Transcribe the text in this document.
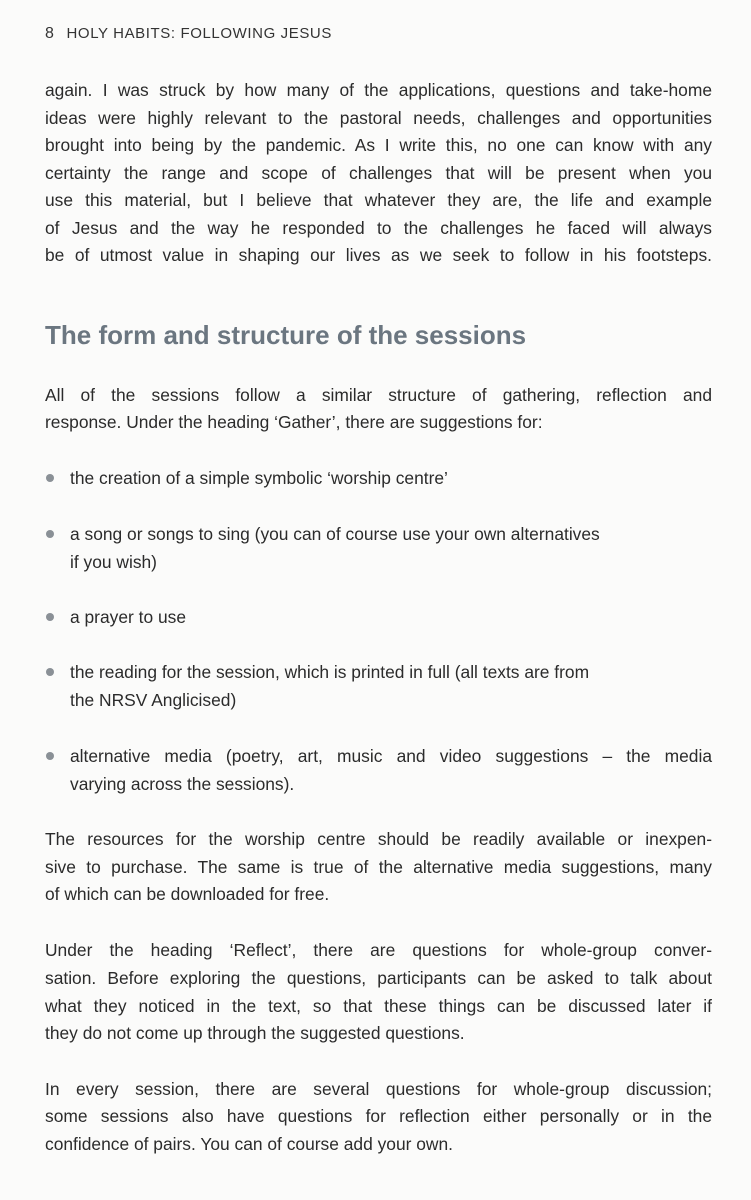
8 HOLY HABITS: FOLLOWING JESUS
again. I was struck by how many of the applications, questions and take-home
ideas were highly relevant to the pastoral needs, challenges and opportunities
brought into being by the pandemic. As I write this, no one can know with any
certainty the range and scope of challenges that will be present when you
use this material, but I believe that whatever they are, the life and example
of Jesus and the way he responded to the challenges he faced will always
be of utmost value in shaping our lives as we seek to follow in his footsteps.
The form and structure of the sessions
All of the sessions follow a similar structure of gathering, reflection and
response. Under the heading ‘Gather’, there are suggestions for:
the creation of a simple symbolic ‘worship centre’
a song or songs to sing (you can of course use your own alternatives
if you wish)
a prayer to use
the reading for the session, which is printed in full (all texts are from
the NRSV Anglicised)
alternative media (poetry, art, music and video suggestions – the media
varying across the sessions).
The resources for the worship centre should be readily available or inexpen-
sive to purchase. The same is true of the alternative media suggestions, many
of which can be downloaded for free.
Under the heading ‘Reflect’, there are questions for whole-group conver-
sation. Before exploring the questions, participants can be asked to talk about
what they noticed in the text, so that these things can be discussed later if
they do not come up through the suggested questions.
In every session, there are several questions for whole-group discussion;
some sessions also have questions for reflection either personally or in the
confidence of pairs. You can of course add your own.
